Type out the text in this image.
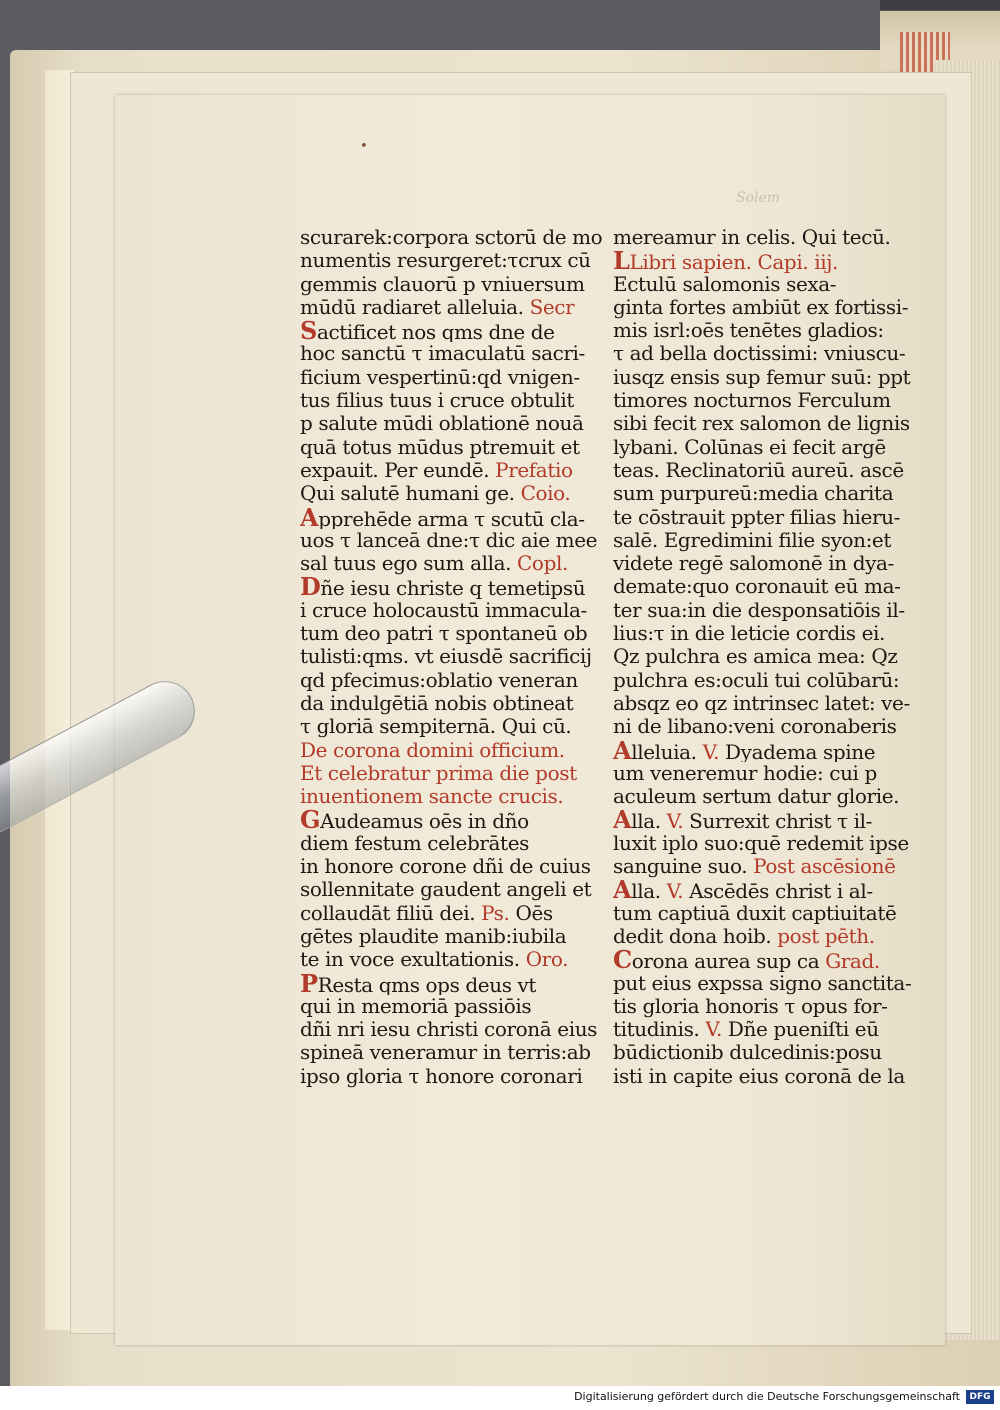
•
Solem
scurarek:corpora sctorū de mo
numentis resurgeret:τcrux cū
gemmis clauorū p vniuersum
mūdū radiaret alleluia. Secr
Sactificet nos qms dne de
hoc sanctū τ imaculatū sacri-
ficium vespertinū:qd vnigen-
tus filius tuus i cruce obtulit
p salute mūdi oblationē nouā
quā totus mūdus ptremuit et
expauit. Per eundē. Prefatio
Qui salutē humani ge. Coio.
Apprehēde arma τ scutū cla-
uos τ lanceā dne:τ dic aie mee
sal tuus ego sum alla. Copl.
Dñe iesu christe q temetipsū
i cruce holocaustū immacula-
tum deo patri τ spontaneū ob
tulisti:qms. vt eiusdē sacrificij
qd pfecimus:oblatio veneran
da indulgētiā nobis obtineat
τ gloriā sempiternā. Qui cū.
De corona domini officium.
Et celebratur prima die post
inuentionem sancte crucis.
GAudeamus oēs in dño
diem festum celebrātes
in honore corone dñi de cuius
sollennitate gaudent angeli et
collaudāt filiū dei. Ps. Oēs
gētes plaudite manib:iubila
te in voce exultationis. Oro.
PResta qms ops deus vt
qui in memoriā passiōis
dñi nri iesu christi coronā eius
spineā veneramur in terris:ab
ipso gloria τ honore coronari
mereamur in celis. Qui tecū.
LLibri sapien. Capi. iij.
Ectulū salomonis sexa-
ginta fortes ambiūt ex fortissi-
mis isrl:oēs tenētes gladios:
τ ad bella doctissimi: vniuscu-
iusqz ensis sup femur suū: ppt
timores nocturnos Ferculum
sibi fecit rex salomon de lignis
lybani. Colūnas ei fecit argē
teas. Reclinatoriū aureū. ascē
sum purpureū:media charita
te cōstrauit ppter filias hieru-
salē. Egredimini filie syon:et
videte regē salomonē in dya-
demate:quo coronauit eū ma-
ter sua:in die desponsatiōis il-
lius:τ in die leticie cordis ei.
Qz pulchra es amica mea: Qz
pulchra es:oculi tui colūbarū:
absqz eo qz intrinsec latet: ve-
ni de libano:veni coronaberis
Alleluia. V. Dyadema spine
um veneremur hodie: cui p
aculeum sertum datur glorie.
Alla. V. Surrexit christ τ il-
luxit iplo suo:quē redemit ipse
sanguine suo. Post ascēsionē
Alla. V. Ascēdēs christ i al-
tum captiuā duxit captiuitatē
dedit dona hoib. post pēth.
Corona aurea sup ca Grad.
put eius expssa signo sanctita-
tis gloria honoris τ opus for-
titudinis. V. Dñe pueniſti eū
būdictionib dulcedinis:posu
isti in capite eius coronā de la
Digitalisierung gefördert durch die Deutsche Forschungsgemeinschaft	DFG
